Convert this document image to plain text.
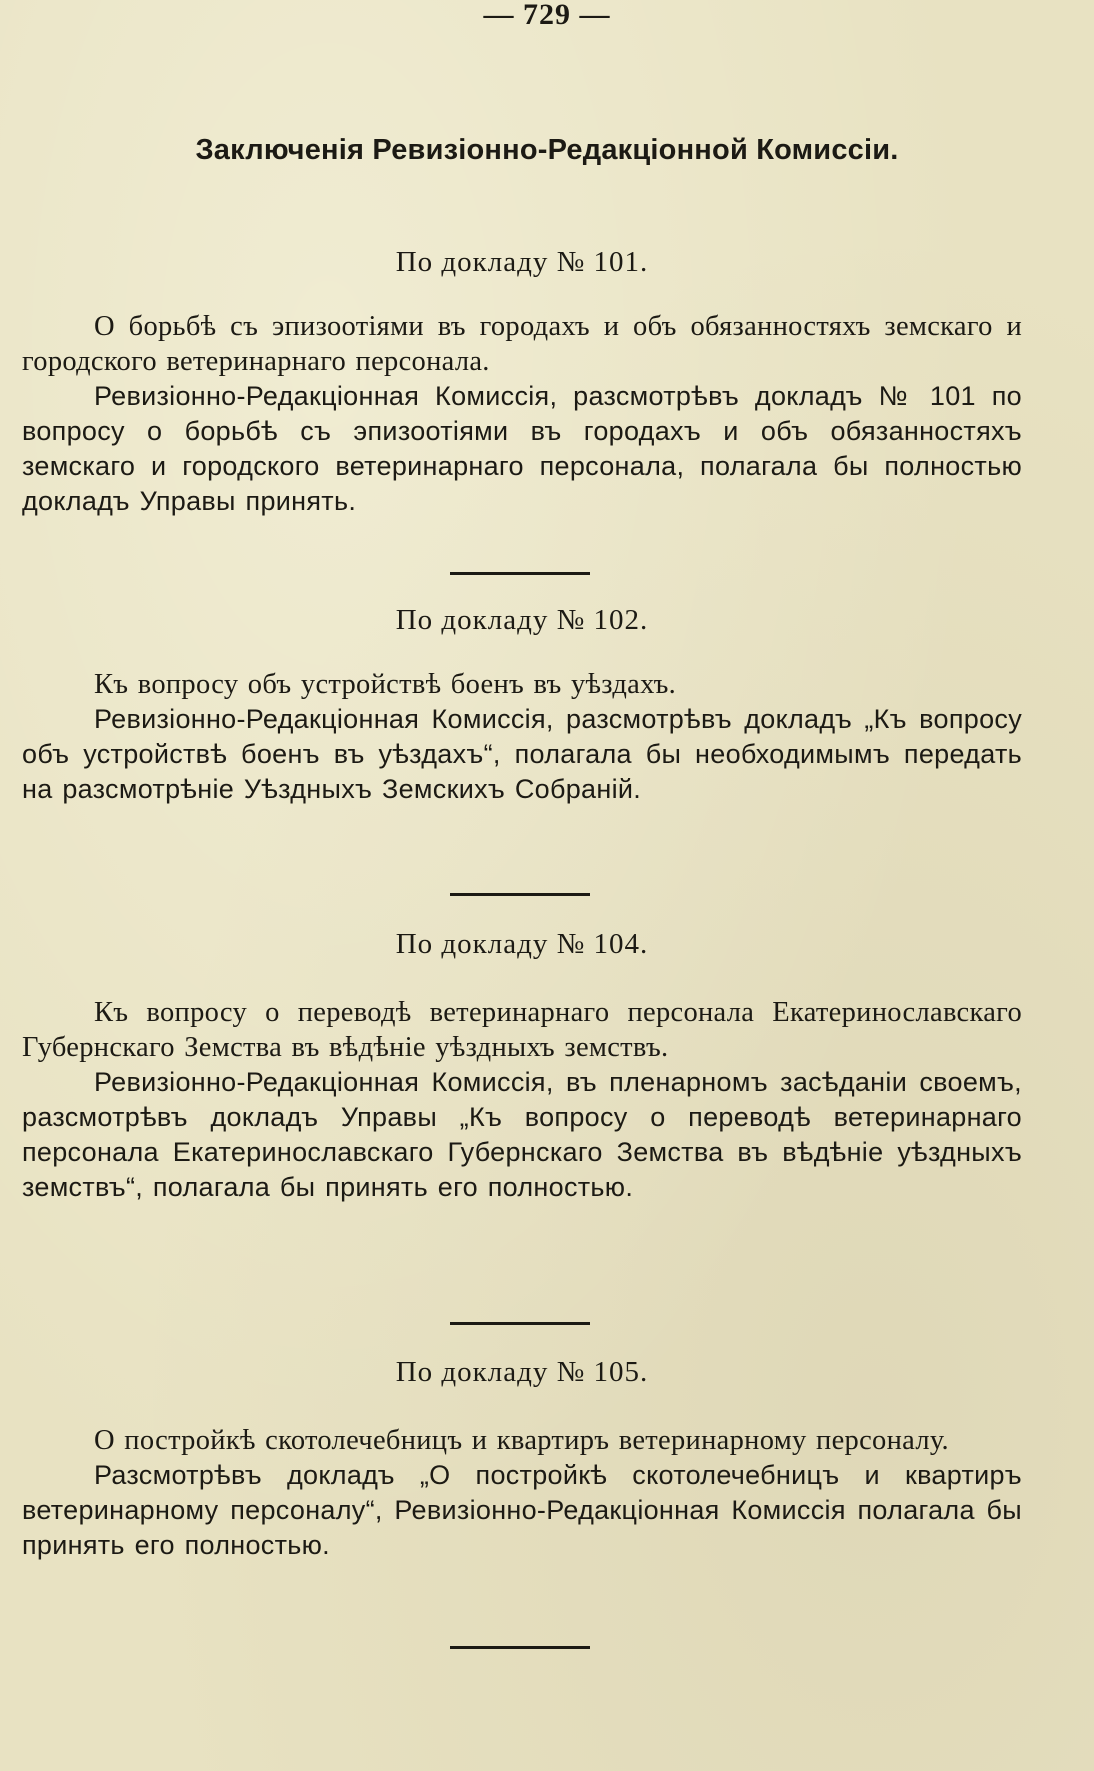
— 729 —
Заключенія Ревизіонно-Редакціонной Комиссіи.
По докладу № 101.
О борьбѣ съ эпизоотіями въ городахъ и объ обязанностяхъ земскаго и городского ветеринарнаго персонала.
Ревизіонно-Редакціонная Комиссія, разсмотрѣвъ докладъ № 101 по вопросу о борьбѣ съ эпизоотіями въ городахъ и объ обязанностяхъ земскаго и городского ветеринарнаго персонала, полагала бы полностью докладъ Управы принять.
По докладу № 102.
Къ вопросу объ устройствѣ боенъ въ уѣздахъ.
Ревизіонно-Редакціонная Комиссія, разсмотрѣвъ докладъ „Къ вопросу объ устройствѣ боенъ въ уѣздахъ“, полагала бы необходимымъ передать на разсмотрѣніе Уѣздныхъ Земскихъ Собраній.
По докладу № 104.
Къ вопросу о переводѣ ветеринарнаго персонала Екатеринославскаго Губернскаго Земства въ вѣдѣніе уѣздныхъ земствъ.
Ревизіонно-Редакціонная Комиссія, въ пленарномъ засѣданіи своемъ, разсмотрѣвъ докладъ Управы „Къ вопросу о переводѣ ветеринарнаго персонала Екатеринославскаго Губернскаго Земства въ вѣдѣніе уѣздныхъ земствъ“, полагала бы принять его полностью.
По докладу № 105.
О постройкѣ скотолечебницъ и квартиръ ветеринарному персоналу.
Разсмотрѣвъ докладъ „О постройкѣ скотолечебницъ и квартиръ ветеринарному персоналу“, Ревизіонно-Редакціонная Комиссія полагала бы принять его полностью.
